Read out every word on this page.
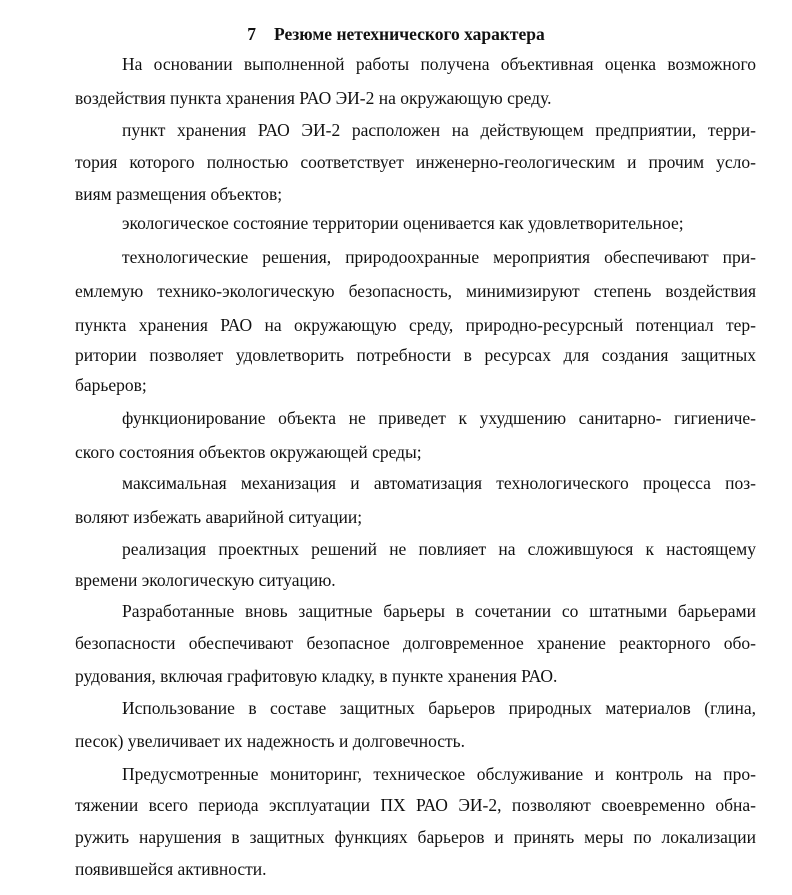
7 Резюме нетехнического характера
На основании выполненной работы получена объективная оценка возможного
воздействия пункта хранения РАО ЭИ-2 на окружающую среду.
пункт хранения РАО ЭИ-2 расположен на действующем предприятии, терри-
тория которого полностью соответствует инженерно-геологическим и прочим усло-
виям размещения объектов;
экологическое состояние территории оценивается как удовлетворительное;
технологические решения, природоохранные мероприятия обеспечивают при-
емлемую технико-экологическую безопасность, минимизируют степень воздействия
пункта хранения РАО на окружающую среду, природно-ресурсный потенциал тер-
ритории позволяет удовлетворить потребности в ресурсах для создания защитных
барьеров;
функционирование объекта не приведет к ухудшению санитарно- гигиениче-
ского состояния объектов окружающей среды;
максимальная механизация и автоматизация технологического процесса поз-
воляют избежать аварийной ситуации;
реализация проектных решений не повлияет на сложившуюся к настоящему
времени экологическую ситуацию.
Разработанные вновь защитные барьеры в сочетании со штатными барьерами
безопасности обеспечивают безопасное долговременное хранение реакторного обо-
рудования, включая графитовую кладку, в пункте хранения РАО.
Использование в составе защитных барьеров природных материалов (глина,
песок) увеличивает их надежность и долговечность.
Предусмотренные мониторинг, техническое обслуживание и контроль на про-
тяжении всего периода эксплуатации ПХ РАО ЭИ-2, позволяют своевременно обна-
ружить нарушения в защитных функциях барьеров и принять меры по локализации
появившейся активности.
